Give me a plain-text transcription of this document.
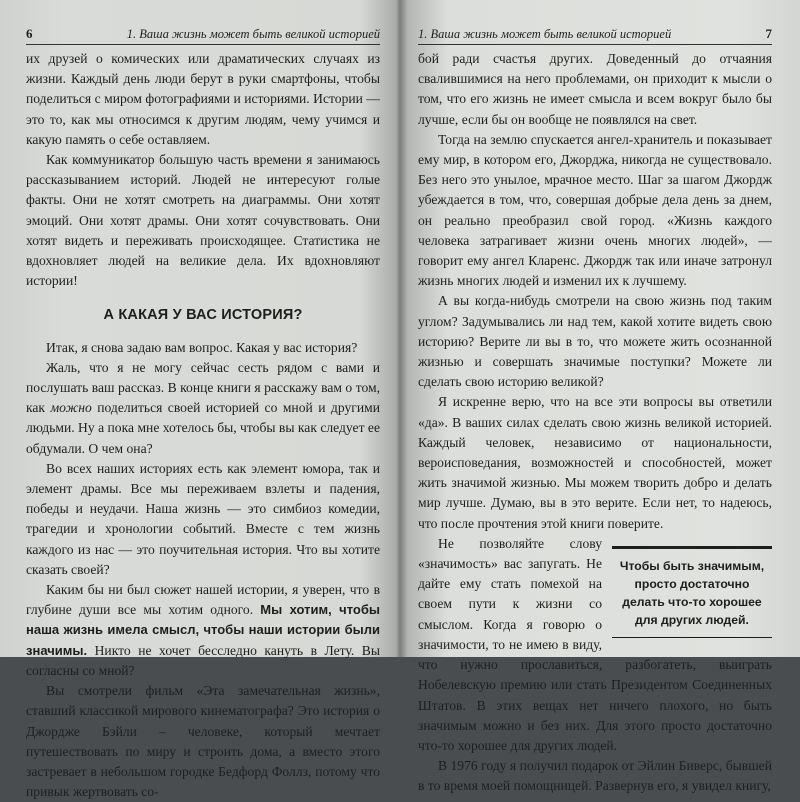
6	1. Ваша жизнь может быть великой историей

их друзей о комических или драматических случаях из жизни. Каждый день люди берут в руки смартфоны, чтобы поделиться с миром фотографиями и историями. Истории — это то, как мы относимся к другим людям, чему учимся и какую память о себе оставляем.

Как коммуникатор большую часть времени я занимаюсь рассказыванием историй. Людей не интересуют голые факты. Они не хотят смотреть на диаграммы. Они хотят эмоций. Они хотят драмы. Они хотят сочувствовать. Они хотят видеть и переживать происходящее. Статистика не вдохновляет людей на великие дела. Их вдохновляют истории!

А КАКАЯ У ВАС ИСТОРИЯ?

Итак, я снова задаю вам вопрос. Какая у вас история?

Жаль, что я не могу сейчас сесть рядом с вами и послушать ваш рассказ. В конце книги я расскажу вам о том, как можно поделиться своей историей со мной и другими людьми. Ну а пока мне хотелось бы, чтобы вы как следует ее обдумали. О чем она?

Во всех наших историях есть как элемент юмора, так и элемент драмы. Все мы переживаем взлеты и падения, победы и неудачи. Наша жизнь — это симбиоз комедии, трагедии и хронологии событий. Вместе с тем жизнь каждого из нас — это поучительная история. Что вы хотите сказать своей?

Каким бы ни был сюжет нашей истории, я уверен, что в глубине души все мы хотим одного. Мы хотим, чтобы наша жизнь имела смысл, чтобы наши истории были значимы. Никто не хочет бесследно кануть в Лету. Вы согласны со мной?

Вы смотрели фильм «Эта замечательная жизнь», ставший классикой мирового кинематографа? Это история о Джордже Бэйли – человеке, который мечтает путешествовать по миру и строить дома, а вместо этого застревает в небольшом городке Бедфорд Фоллз, потому что привык жертвовать со-

1. Ваша жизнь может быть великой историей	7

бой ради счастья других. Доведенный до отчаяния свалившимися на него проблемами, он приходит к мысли о том, что его жизнь не имеет смысла и всем вокруг было бы лучше, если бы он вообще не появлялся на свет.

Тогда на землю спускается ангел-хранитель и показывает ему мир, в котором его, Джорджа, никогда не существовало. Без него это унылое, мрачное место. Шаг за шагом Джордж убеждается в том, что, совершая добрые дела день за днем, он реально преобразил свой город. «Жизнь каждого человека затрагивает жизни очень многих людей», — говорит ему ангел Кларенс. Джордж так или иначе затронул жизнь многих людей и изменил их к лучшему.

А вы когда-нибудь смотрели на свою жизнь под таким углом? Задумывались ли над тем, какой хотите видеть свою историю? Верите ли вы в то, что можете жить осознанной жизнью и совершать значимые поступки? Можете ли сделать свою историю великой?

Я искренне верю, что на все эти вопросы вы ответили «да». В ваших силах сделать свою жизнь великой историей. Каждый человек, независимо от национальности, вероисповедания, возможностей и способностей, может жить значимой жизнью. Мы можем творить добро и делать мир лучше. Думаю, вы в это верите. Если нет, то надеюсь, что после прочтения этой книги поверите.

Чтобы быть значимым, просто достаточно делать что-то хорошее для других людей.

Не позволяйте слову «значимость» вас запугать. Не дайте ему стать помехой на своем пути к жизни со смыслом. Когда я говорю о значимости, то не имею в виду, что нужно прославиться, разбогатеть, выиграть Нобелевскую премию или стать Президентом Соединенных Штатов. В этих вещах нет ничего плохого, но быть значимым можно и без них. Для этого просто достаточно что-то хорошее для других людей.

В 1976 году я получил подарок от Эйлин Биверс, бывшей в то время моей помощницей. Развернув его, я увидел книгу,
